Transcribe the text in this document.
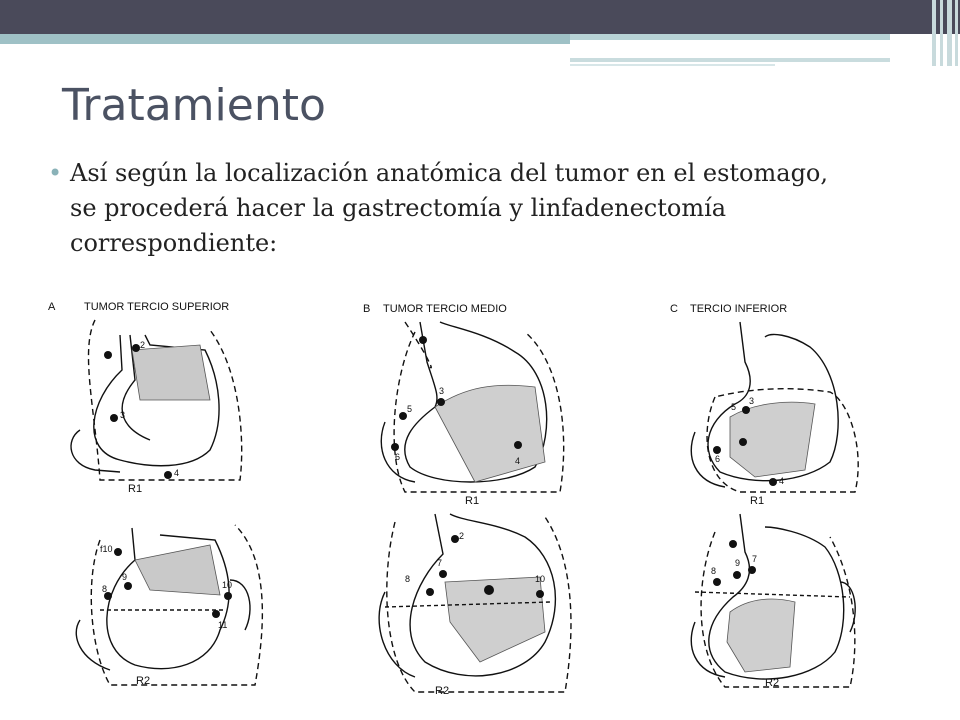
Tratamiento
• Así según la localización anatómica del tumor en el estomago, se procederá hacer la gastrectomía y linfadenectomía correspondiente:

A	TUMOR TERCIO SUPERIOR
2
3
4
R1
f10
9
8
11
10
R2
B TUMOR TERCIO MEDIO
3
5
6	4
R1
2
7
8	10
R2
C TERCIO INFERIOR
3
5
6
4
R1
8
9 7
R2
